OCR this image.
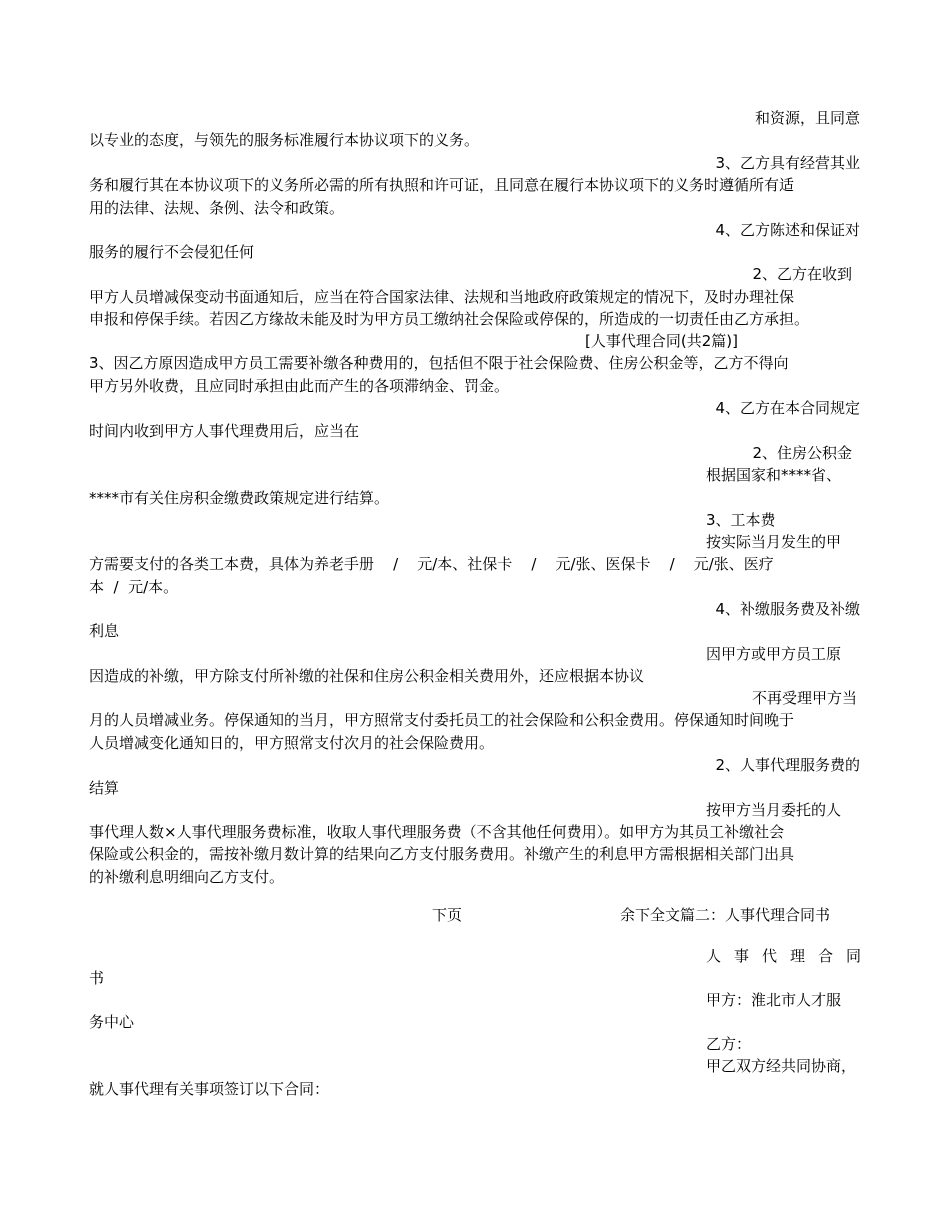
和资源，且同意
以专业的态度，与领先的服务标准履行本协议项下的义务。
3、乙方具有经营其业
务和履行其在本协议项下的义务所必需的所有执照和许可证，且同意在履行本协议项下的义务时遵循所有适
用的法律、法规、条例、法令和政策。
4、乙方陈述和保证对
服务的履行不会侵犯任何
2、乙方在收到
甲方人员增减保变动书面通知后，应当在符合国家法律、法规和当地政府政策规定的情况下，及时办理社保
申报和停保手续。若因乙方缘故未能及时为甲方员工缴纳社会保险或停保的，所造成的一切责任由乙方承担。
[人事代理合同(共2篇)]
3、因乙方原因造成甲方员工需要补缴各种费用的，包括但不限于社会保险费、住房公积金等，乙方不得向
甲方另外收费，且应同时承担由此而产生的各项滞纳金、罚金。
4、乙方在本合同规定
时间内收到甲方人事代理费用后，应当在
2、住房公积金
根据国家和****省、
****市有关住房积金缴费政策规定进行结算。
3、工本费
按实际当月发生的甲
方需要支付的各类工本费，具体为养老手册    /    元/本、社保卡    /    元/张、医保卡    /    元/张、医疗
本  /  元/本。
4、补缴服务费及补缴
利息
因甲方或甲方员工原
因造成的补缴，甲方除支付所补缴的社保和住房公积金相关费用外，还应根据本协议
不再受理甲方当
月的人员增减业务。停保通知的当月，甲方照常支付委托员工的社会保险和公积金费用。停保通知时间晚于
人员增减变化通知日的，甲方照常支付次月的社会保险费用。
2、人事代理服务费的
结算
按甲方当月委托的人
事代理人数×人事代理服务费标准，收取人事代理服务费（不含其他任何费用）。如甲方为其员工补缴社会
保险或公积金的，需按补缴月数计算的结果向乙方支付服务费用。补缴产生的利息甲方需根据相关部门出具
的补缴利息明细向乙方支付。
下页	余下全文篇二：人事代理合同书
人事代理合同
书
甲方：淮北市人才服
务中心
乙方：
甲乙双方经共同协商，
就人事代理有关事项签订以下合同：
